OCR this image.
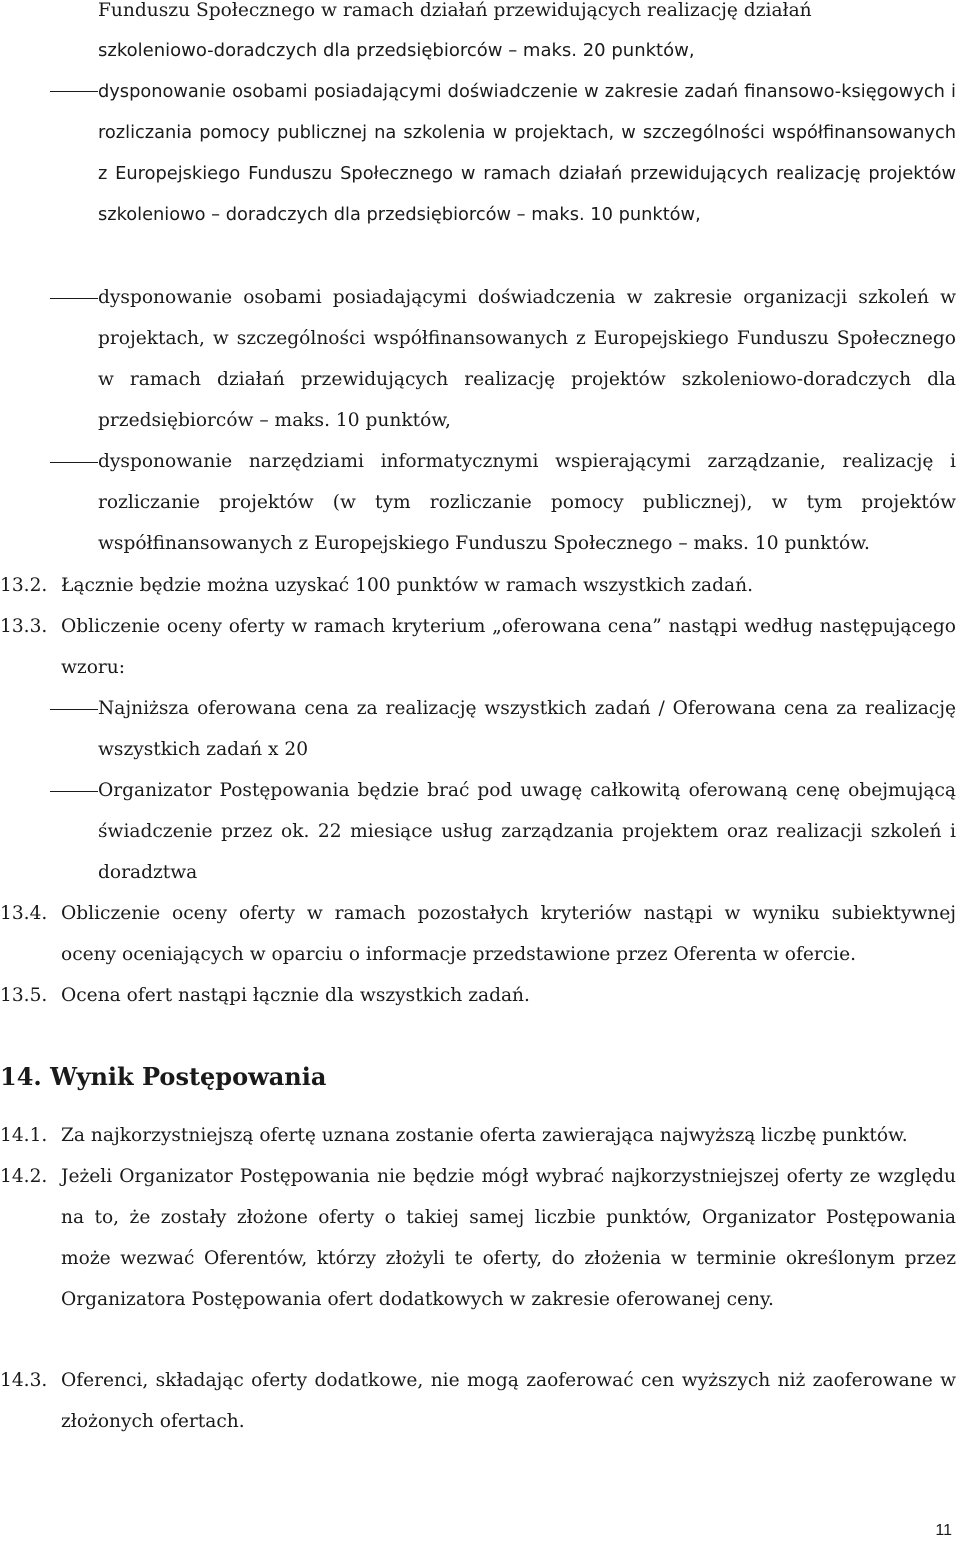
Funduszu Społecznego w ramach działań przewidujących realizację działań

szkoleniowo-doradczych dla przedsiębiorców – maks. 20 punktów,

dysponowanie osobami posiadającymi doświadczenie w zakresie zadań finansowo-księgowych i rozliczania pomocy publicznej na szkolenia w projektach, w szczególności współfinansowanych z Europejskiego Funduszu Społecznego w ramach działań przewidujących realizację projektów szkoleniowo – doradczych dla przedsiębiorców – maks. 10 punktów,

dysponowanie osobami posiadającymi doświadczenia w zakresie organizacji szkoleń w projektach, w szczególności współfinansowanych z Europejskiego Funduszu Społecznego w ramach działań przewidujących realizację projektów szkoleniowo-doradczych dla przedsiębiorców – maks. 10 punktów,

dysponowanie narzędziami informatycznymi wspierającymi zarządzanie, realizację i rozliczanie projektów (w tym rozliczanie pomocy publicznej), w tym projektów współfinansowanych z Europejskiego Funduszu Społecznego – maks. 10 punktów.

13.2. Łącznie będzie można uzyskać 100 punktów w ramach wszystkich zadań.

13.3. Obliczenie oceny oferty w ramach kryterium „oferowana cena” nastąpi według następującego wzoru:

Najniższa oferowana cena za realizację wszystkich zadań / Oferowana cena za realizację wszystkich zadań x 20

Organizator Postępowania będzie brać pod uwagę całkowitą oferowaną cenę obejmującą świadczenie przez ok. 22 miesiące usług zarządzania projektem oraz realizacji szkoleń i doradztwa

13.4. Obliczenie oceny oferty w ramach pozostałych kryteriów nastąpi w wyniku subiektywnej oceny oceniających w oparciu o informacje przedstawione przez Oferenta w ofercie.

13.5. Ocena ofert nastąpi łącznie dla wszystkich zadań.

14. Wynik Postępowania
14.1. Za najkorzystniejszą ofertę uznana zostanie oferta zawierająca najwyższą liczbę punktów.

14.2. Jeżeli Organizator Postępowania nie będzie mógł wybrać najkorzystniejszej oferty ze względu na to, że zostały złożone oferty o takiej samej liczbie punktów, Organizator Postępowania może wezwać Oferentów, którzy złożyli te oferty, do złożenia w terminie określonym przez Organizatora Postępowania ofert dodatkowych w zakresie oferowanej ceny.

14.3. Oferenci, składając oferty dodatkowe, nie mogą zaoferować cen wyższych niż zaoferowane w złożonych ofertach.

11
